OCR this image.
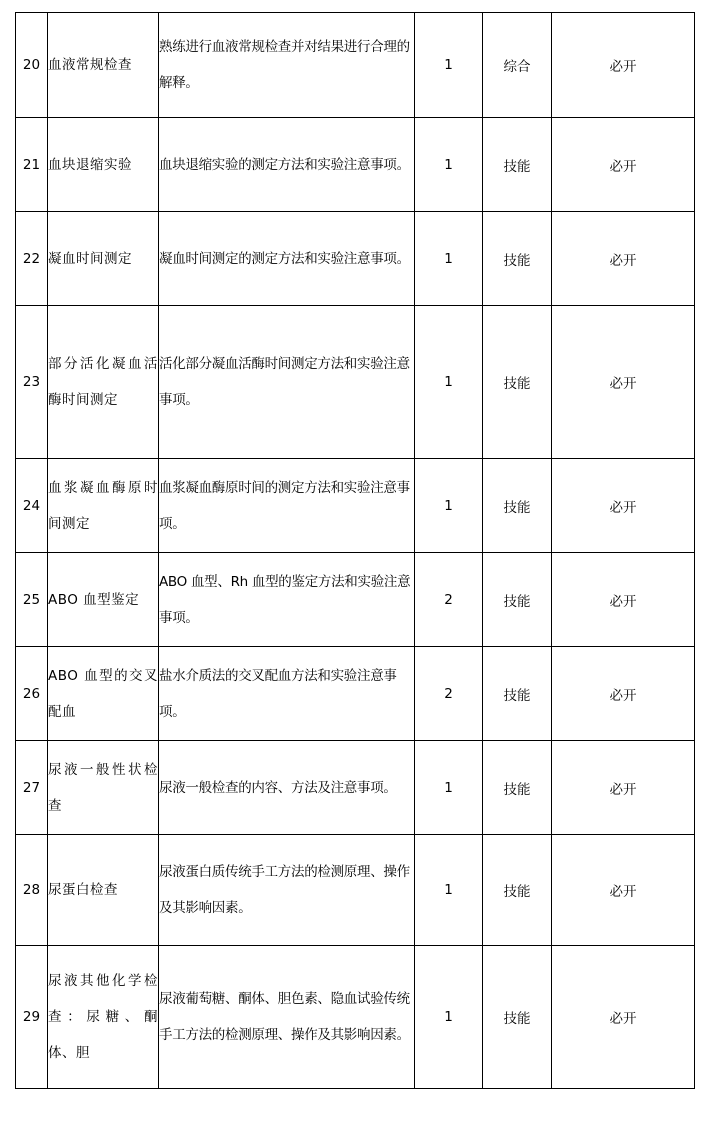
20	血液常规检查	熟练进行血液常规检查并对结果进行合理的解释。	1	综合	必开
21	血块退缩实验	血块退缩实验的测定方法和实验注意事项。	1	技能	必开
22	凝血时间测定	凝血时间测定的测定方法和实验注意事项。	1	技能	必开
23	部分活化凝血活酶时间测定	活化部分凝血活酶时间测定方法和实验注意事项。	1	技能	必开
24	血浆凝血酶原时间测定	血浆凝血酶原时间的测定方法和实验注意事项。	1	技能	必开
25	ABO 血型鉴定	ABO 血型、Rh 血型的鉴定方法和实验注意事项。	2	技能	必开
26	ABO 血型的交叉配血	盐水介质法的交叉配血方法和实验注意事项。	2	技能	必开
27	尿液一般性状检查	尿液一般检查的内容、方法及注意事项。	1	技能	必开
28	尿蛋白检查	尿液蛋白质传统手工方法的检测原理、操作及其影响因素。	1	技能	必开
29	尿液其他化学检查：尿糖、酮体、胆	尿液葡萄糖、酮体、胆色素、隐血试验传统手工方法的检测原理、操作及其影响因素。	1	技能	必开
